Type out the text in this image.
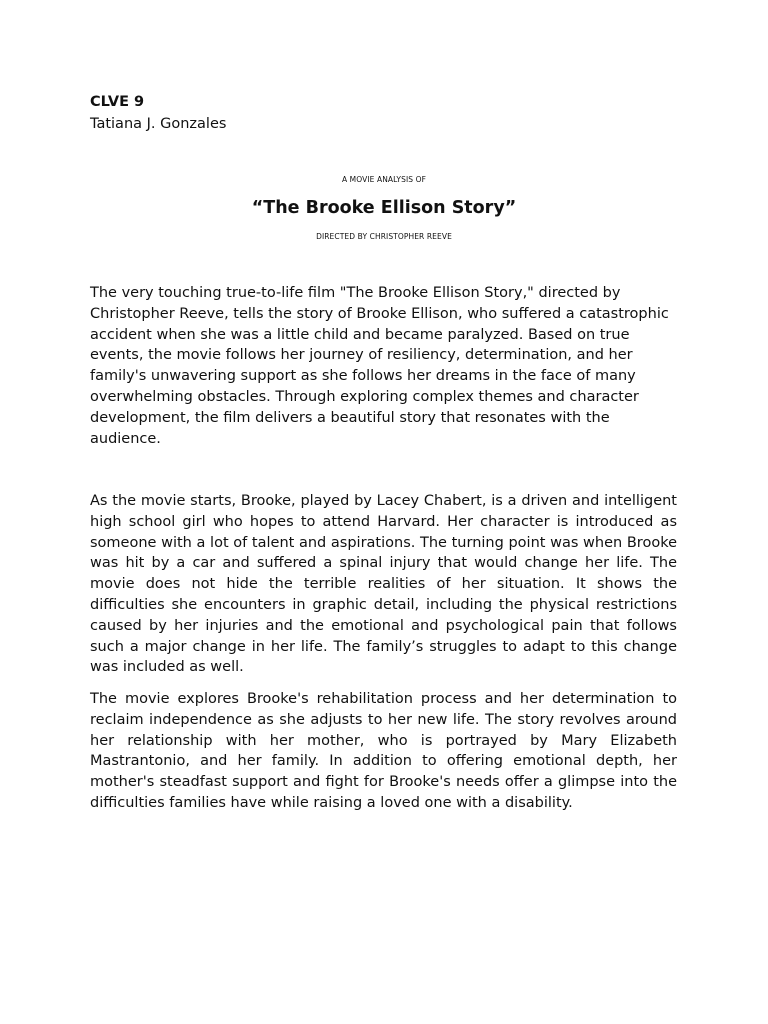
CLVE 9

Tatiana J. Gonzales

A MOVIE ANALYSIS OF

“The Brooke Ellison Story”

DIRECTED BY CHRISTOPHER REEVE

The very touching true-to-life film "The Brooke Ellison Story," directed by Christopher Reeve, tells the story of Brooke Ellison, who suffered a catastrophic accident when she was a little child and became paralyzed. Based on true events, the movie follows her journey of resiliency, determination, and her family's unwavering support as she follows her dreams in the face of many overwhelming obstacles. Through exploring complex themes and character development, the film delivers a beautiful story that resonates with the audience.

As the movie starts, Brooke, played by Lacey Chabert, is a driven and intelligent high school girl who hopes to attend Harvard. Her character is introduced as someone with a lot of talent and aspirations. The turning point was when Brooke was hit by a car and suffered a spinal injury that would change her life. The movie does not hide the terrible realities of her situation. It shows the difficulties she encounters in graphic detail, including the physical restrictions caused by her injuries and the emotional and psychological pain that follows such a major change in her life. The family’s struggles to adapt to this change was included as well.

The movie explores Brooke's rehabilitation process and her determination to reclaim independence as she adjusts to her new life. The story revolves around her relationship with her mother, who is portrayed by Mary Elizabeth Mastrantonio, and her family. In addition to offering emotional depth, her mother's steadfast support and fight for Brooke's needs offer a glimpse into the difficulties families have while raising a loved one with a disability.
